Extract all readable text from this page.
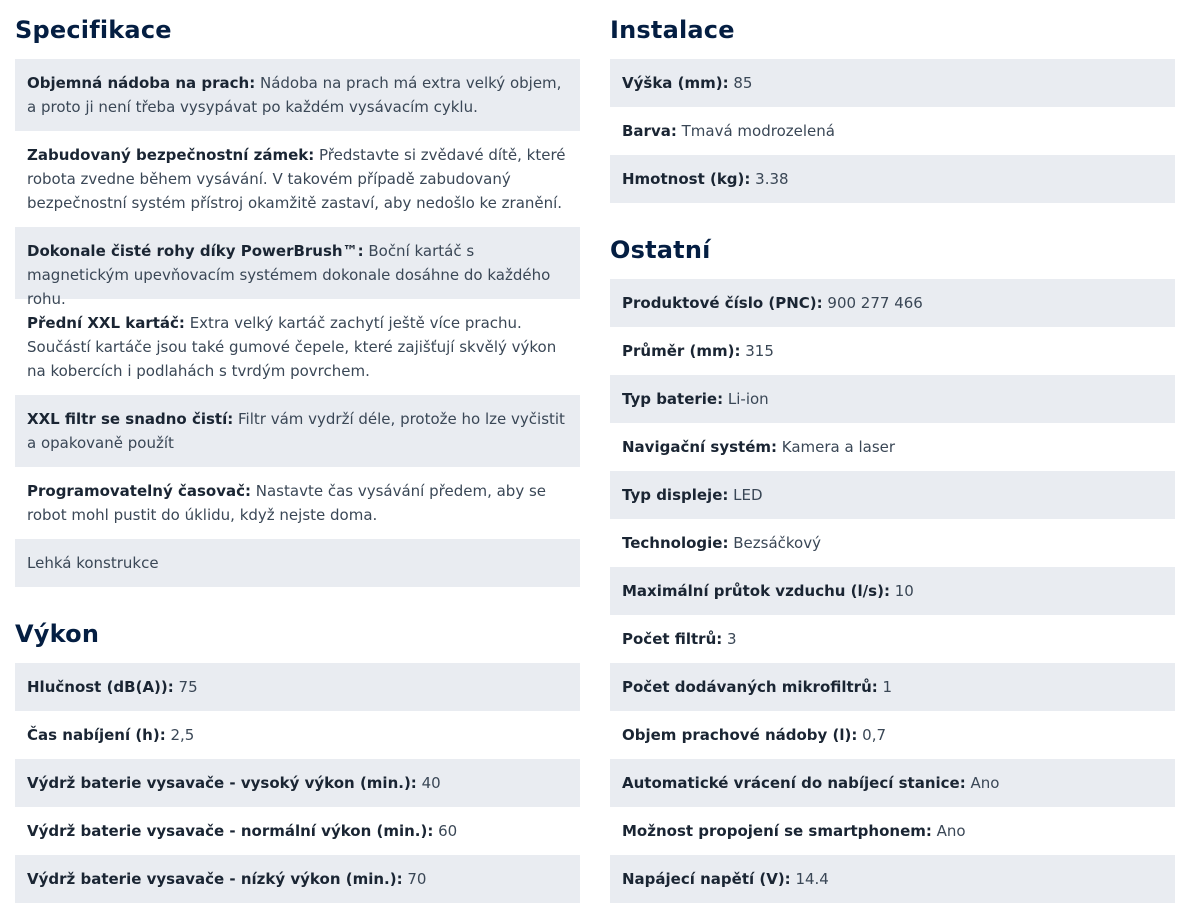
Specifikace
Objemná nádoba na prach: Nádoba na prach má extra velký objem, a proto ji není třeba vysypávat po každém vysávacím cyklu.
Zabudovaný bezpečnostní zámek: Představte si zvědavé dítě, které robota zvedne během vysávání. V takovém případě zabudovaný bezpečnostní systém přístroj okamžitě zastaví, aby nedošlo ke zranění.
Dokonale čisté rohy díky PowerBrush™: Boční kartáč s magnetickým upevňovacím systémem dokonale dosáhne do každého rohu.
Přední XXL kartáč: Extra velký kartáč zachytí ještě více prachu. Součástí kartáče jsou také gumové čepele, které zajišťují skvělý výkon na kobercích i podlahách s tvrdým povrchem.
XXL filtr se snadno čistí: Filtr vám vydrží déle, protože ho lze vyčistit a opakovaně použít
Programovatelný časovač: Nastavte čas vysávání předem, aby se robot mohl pustit do úklidu, když nejste doma.
Lehká konstrukce
Výkon
Hlučnost (dB(A)): 75
Čas nabíjení (h): 2,5
Výdrž baterie vysavače - vysoký výkon (min.): 40
Výdrž baterie vysavače - normální výkon (min.): 60
Výdrž baterie vysavače - nízký výkon (min.): 70
Instalace
Výška (mm): 85
Barva: Tmavá modrozelená
Hmotnost (kg): 3.38
Ostatní
Produktové číslo (PNC): 900 277 466
Průměr (mm): 315
Typ baterie: Li-ion
Navigační systém: Kamera a laser
Typ displeje: LED
Technologie: Bezsáčkový
Maximální průtok vzduchu (l/s): 10
Počet filtrů: 3
Počet dodávaných mikrofiltrů: 1
Objem prachové nádoby (l): 0,7
Automatické vrácení do nabíjecí stanice: Ano
Možnost propojení se smartphonem: Ano
Napájecí napětí (V): 14.4
